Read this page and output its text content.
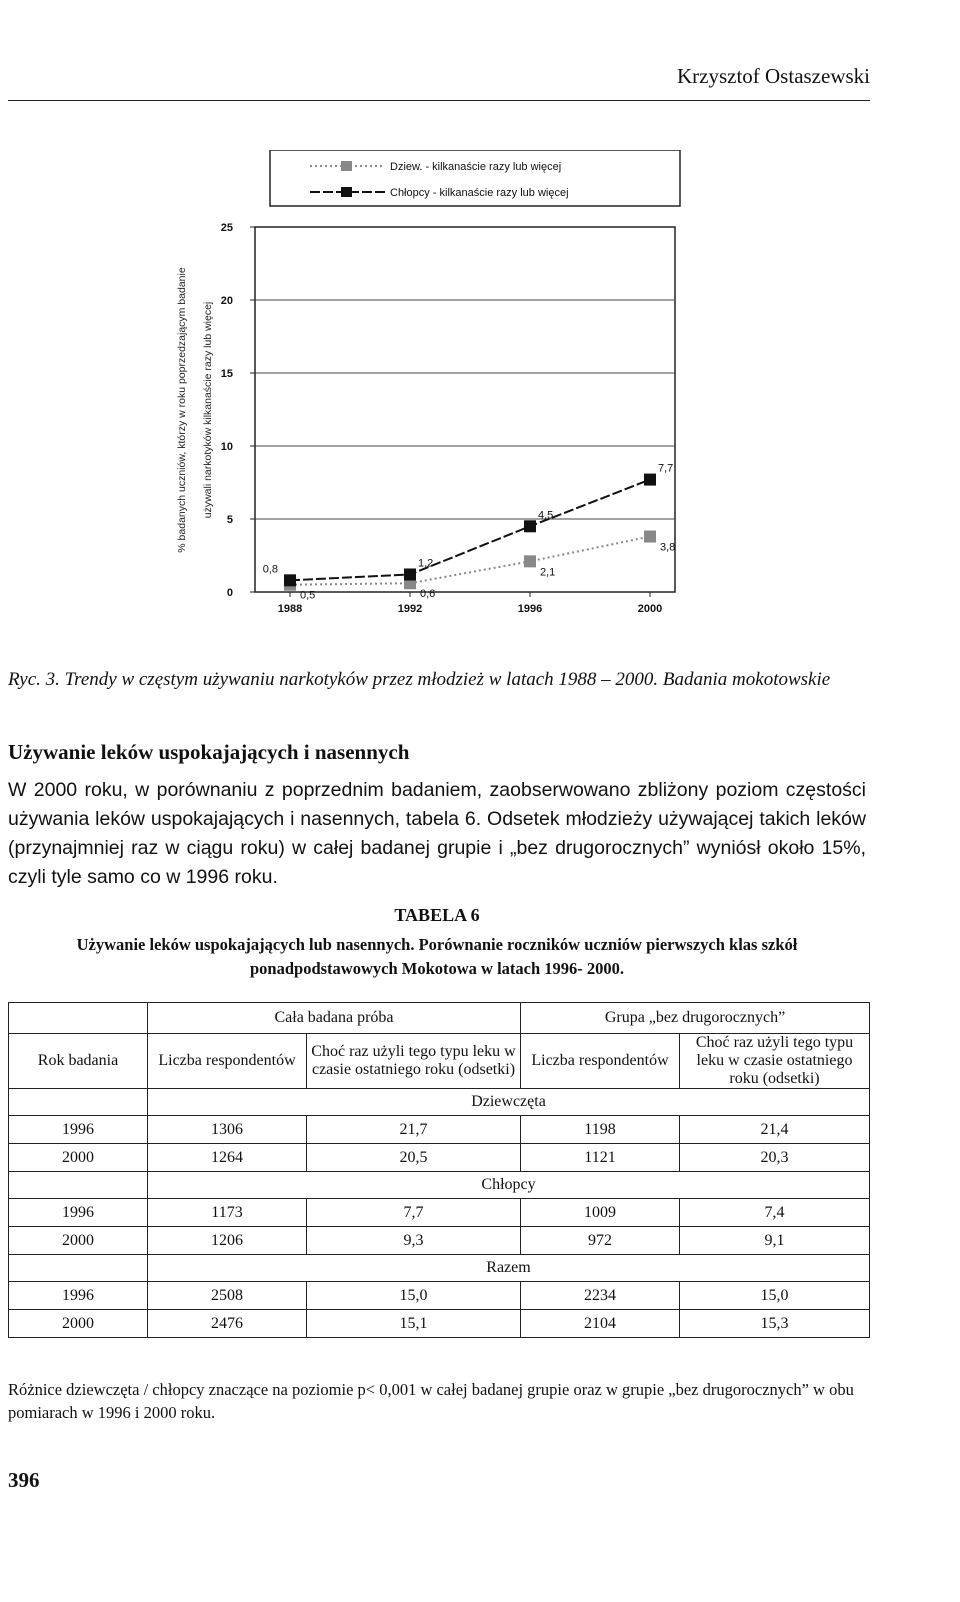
Krzysztof Ostaszewski
Dziew. - kilkanaście razy lub więcej
Chłopcy - kilkanaście razy lub więcej
0
5
10
15
20
25
1988	1992	1996	2000
% badanych uczniów, którzy w roku poprzedzającym badanie używali narkotyków kilkanaście razy lub więcej
0,5	0,6
2,1
3,8
0,8	1,2
4,5
7,7
Ryc. 3. Trendy w częstym używaniu narkotyków przez młodzież w latach 1988 – 2000. Badania mokotowskie
Używanie leków uspokajających i nasennych
W 2000 roku, w porównaniu z poprzednim badaniem, zaobserwowano zbliżony poziom częstości używania leków uspokajających i nasennych, tabela 6. Odsetek młodzieży używającej takich leków (przynajmniej raz w ciągu roku) w całej badanej grupie i „bez drugorocznych” wyniósł około 15%, czyli tyle samo co w 1996 roku.
TABELA 6
Używanie leków uspokajających lub nasennych. Porównanie roczników uczniów pierwszych klas szkół ponadpodstawowych Mokotowa w latach 1996- 2000.
	Cała badana próba		Grupa „bez drugorocznych”	
Rok badania	Liczba respondentów	Choć raz użyli tego typu leku w czasie ostatniego roku (odsetki)	Liczba respondentów	Choć raz użyli tego typu leku w czasie ostatniego roku (odsetki)
	Dziewczęta			
1996	1306	21,7	1198	21,4
2000	1264	20,5	1121	20,3
	Chłopcy			
1996	1173	7,7	1009	7,4
2000	1206	9,3	972	9,1
	Razem			
1996	2508	15,0	2234	15,0
2000	2476	15,1	2104	15,3
Różnice dziewczęta / chłopcy znaczące na poziomie p< 0,001 w całej badanej grupie oraz w grupie „bez drugorocznych” w obu pomiarach w 1996 i 2000 roku.
396
